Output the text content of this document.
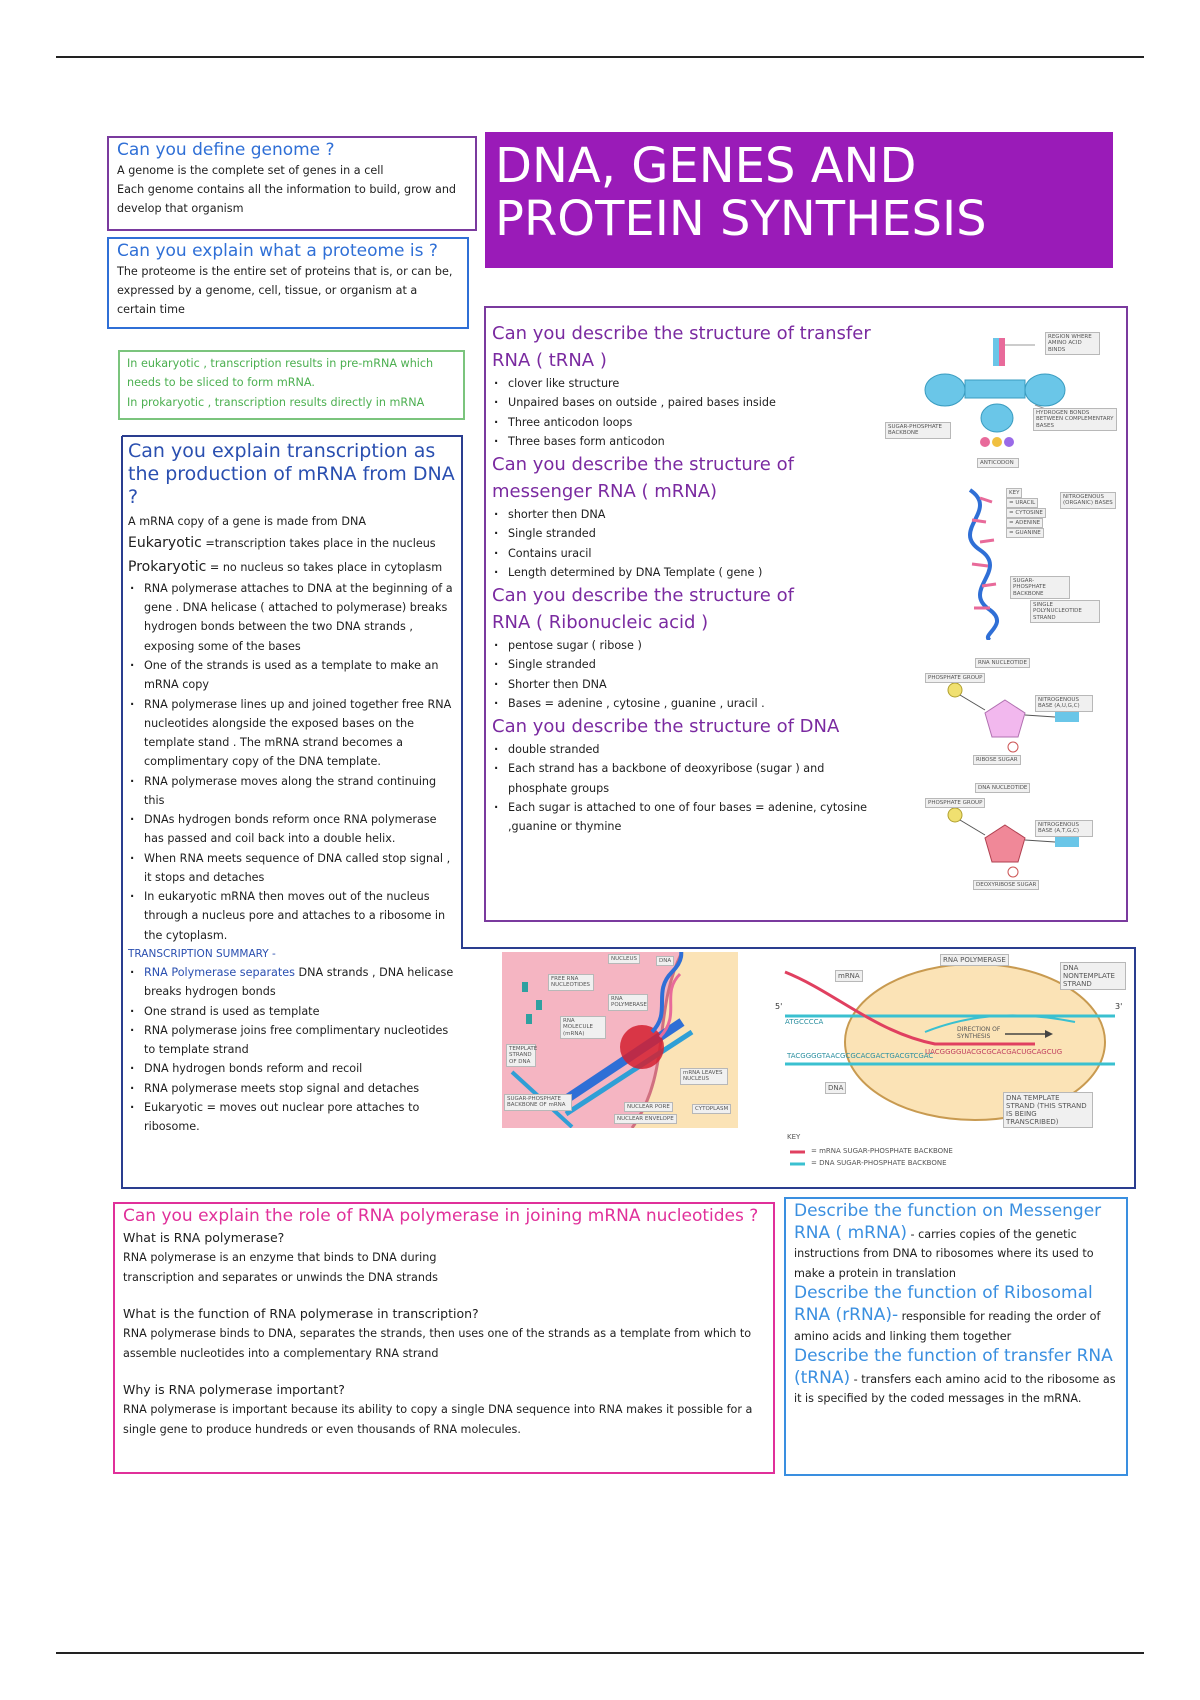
Can you define genome ?
A genome is the complete set of genes in a cell
Each genome contains all the information to build, grow and develop that organism
DNA, GENES AND PROTEIN SYNTHESIS
Can you explain what a proteome is ?
The proteome is the entire set of proteins that is, or can be, expressed by a genome, cell, tissue, or organism at a certain time
In eukaryotic , transcription results in pre-mRNA which needs to be sliced to form mRNA.
In prokaryotic , transcription results directly in mRNA
Can you explain transcription as the production of mRNA from DNA ?
A mRNA copy of a gene is made from DNA
Eukaryotic =transcription takes place in the nucleus
Prokaryotic = no nucleus so takes place in cytoplasm
· RNA polymerase attaches to DNA at the beginning of a gene . DNA helicase ( attached to polymerase) breaks hydrogen bonds between the two DNA strands , exposing some of the bases
· One of the strands is used as a template to make an mRNA copy
· RNA polymerase lines up and joined together free RNA nucleotides alongside the exposed bases on the template stand . The mRNA strand becomes a complimentary copy of the DNA template.
· RNA polymerase moves along the strand continuing this
· DNAs hydrogen bonds reform once RNA polymerase has passed and coil back into a double helix.
· When RNA meets sequence of DNA called stop signal , it stops and detaches
· In eukaryotic mRNA then moves out of the nucleus through a nucleus pore and attaches to a ribosome in the cytoplasm.
TRANSCRIPTION SUMMARY -
· RNA Polymerase separates DNA strands , DNA helicase breaks hydrogen bonds
· One strand is used as template
· RNA polymerase joins free complimentary nucleotides to template strand
· DNA hydrogen bonds reform and recoil
· RNA polymerase meets stop signal and detaches
· Eukaryotic = moves out nuclear pore attaches to ribosome.
Can you describe the structure of transfer RNA ( tRNA )
· clover like structure
· Unpaired bases on outside , paired bases inside
· Three anticodon loops
· Three bases form anticodon
Can you describe the structure of messenger RNA ( mRNA)
· shorter then DNA
· Single stranded
· Contains uracil
· Length determined by DNA Template ( gene )
Can you describe the structure of RNA ( Ribonucleic acid )
· pentose sugar ( ribose )
· Single stranded
· Shorter then DNA
· Bases = adenine , cytosine , guanine , uracil .
Can you describe the structure of DNA
· double stranded
· Each strand has a backbone of deoxyribose (sugar ) and phosphate groups
· Each sugar is attached to one of four bases = adenine, cytosine ,guanine or thymine
REGION WHERE AMINO ACID BINDS
SUGAR-PHOSPHATE BACKBONE
HYDROGEN BONDS BETWEEN COMPLEMENTARY BASES
ANTICODON
KEY
= URACIL
= CYTOSINE
= ADENINE
= GUANINE
NITROGENOUS (ORGANIC) BASES
SUGAR-PHOSPHATE BACKBONE
SINGLE POLYNUCLEOTIDE STRAND
RNA NUCLEOTIDE
PHOSPHATE GROUP
NITROGENOUS BASE (A,U,G,C)
RIBOSE SUGAR
DNA NUCLEOTIDE
PHOSPHATE GROUP
NITROGENOUS BASE (A,T,G,C)
DEOXYRIBOSE SUGAR
NUCLEUS	DNA
FREE RNA NUCLEOTIDES
RNA POLYMERASE
RNA MOLECULE (mRNA)
TEMPLATE STRAND OF DNA
SUGAR-PHOSPHATE BACKBONE OF mRNA
mRNA LEAVES NUCLEUS
NUCLEAR PORE
NUCLEAR ENVELOPE
CYTOPLASM
RNA POLYMERASE
DNA NONTEMPLATE STRAND
mRNA
DIRECTION OF SYNTHESIS
DNA
DNA TEMPLATE STRAND (THIS STRAND IS BEING TRANSCRIBED)
KEY
= mRNA SUGAR-PHOSPHATE BACKBONE
= DNA SUGAR-PHOSPHATE BACKBONE
5'	3'
ATGCCCCA
UACGGGGUACGCGCACGACUGCAGCUG
TACGGGGTAACGCGCACGACTGACGTCGAC
Can you explain the role of RNA polymerase in joining mRNA nucleotides ?
What is RNA polymerase?
RNA polymerase is an enzyme that binds to DNA during transcription and separates or unwinds the DNA strands
What is the function of RNA polymerase in transcription?
RNA polymerase binds to DNA, separates the strands, then uses one of the strands as a template from which to assemble nucleotides into a complementary RNA strand
Why is RNA polymerase important?
RNA polymerase is important because its ability to copy a single DNA sequence into RNA makes it possible for a single gene to produce hundreds or even thousands of RNA molecules.
Describe the function on Messenger RNA ( mRNA) - carries copies of the genetic instructions from DNA to ribosomes where its used to make a protein in translation
Describe the function of Ribosomal RNA (rRNA)- responsible for reading the order of amino acids and linking them together
Describe the function of transfer RNA (tRNA) - transfers each amino acid to the ribosome as it is specified by the coded messages in the mRNA.
